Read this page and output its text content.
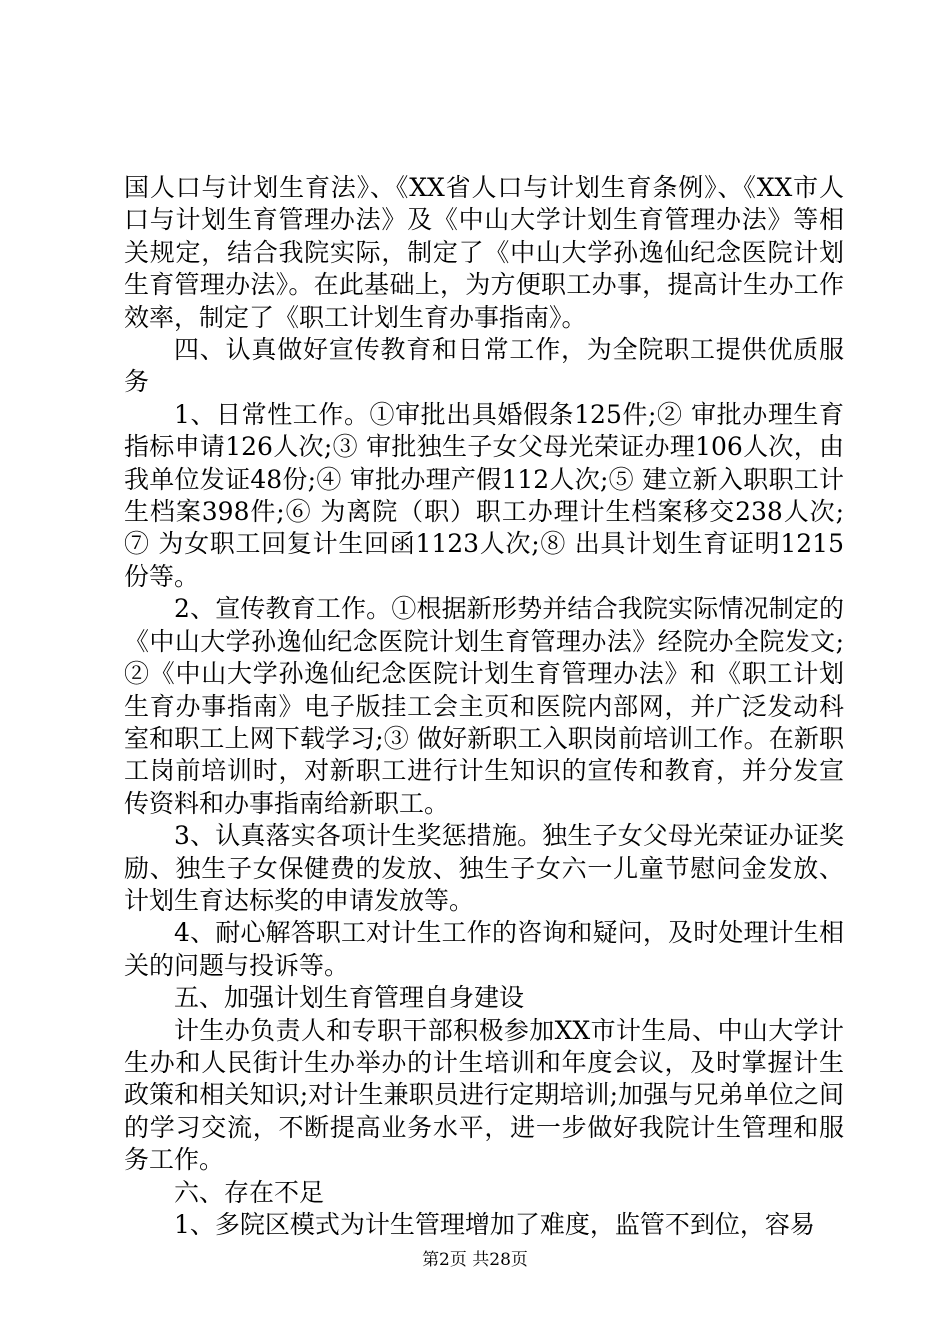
国人口与计划生育法》、《XX省人口与计划生育条例》、《XX市人口与计划生育管理办法》及《中山大学计划生育管理办法》等相关规定，结合我院实际，制定了《中山大学孙逸仙纪念医院计划生育管理办法》。在此基础上，为方便职工办事，提高计生办工作效率，制定了《职工计划生育办事指南》。

四、认真做好宣传教育和日常工作，为全院职工提供优质服务

1、日常性工作。①审批出具婚假条125件;② 审批办理生育指标申请126人次;③ 审批独生子女父母光荣证办理106人次，由我单位发证48份;④ 审批办理产假112人次;⑤ 建立新入职职工计生档案398件;⑥ 为离院（职）职工办理计生档案移交238人次;⑦ 为女职工回复计生回函1123人次;⑧ 出具计划生育证明1215份等。

2、宣传教育工作。①根据新形势并结合我院实际情况制定的《中山大学孙逸仙纪念医院计划生育管理办法》经院办全院发文;②《中山大学孙逸仙纪念医院计划生育管理办法》和《职工计划生育办事指南》电子版挂工会主页和医院内部网，并广泛发动科室和职工上网下载学习;③ 做好新职工入职岗前培训工作。在新职工岗前培训时，对新职工进行计生知识的宣传和教育，并分发宣传资料和办事指南给新职工。

3、认真落实各项计生奖惩措施。独生子女父母光荣证办证奖励、独生子女保健费的发放、独生子女六一儿童节慰问金发放、计划生育达标奖的申请发放等。

4、耐心解答职工对计生工作的咨询和疑问，及时处理计生相关的问题与投诉等。

五、加强计划生育管理自身建设

计生办负责人和专职干部积极参加XX市计生局、中山大学计生办和人民街计生办举办的计生培训和年度会议，及时掌握计生政策和相关知识;对计生兼职员进行定期培训;加强与兄弟单位之间的学习交流，不断提高业务水平，进一步做好我院计生管理和服务工作。

六、存在不足

1、多院区模式为计生管理增加了难度，监管不到位，容易

第2页 共28页
